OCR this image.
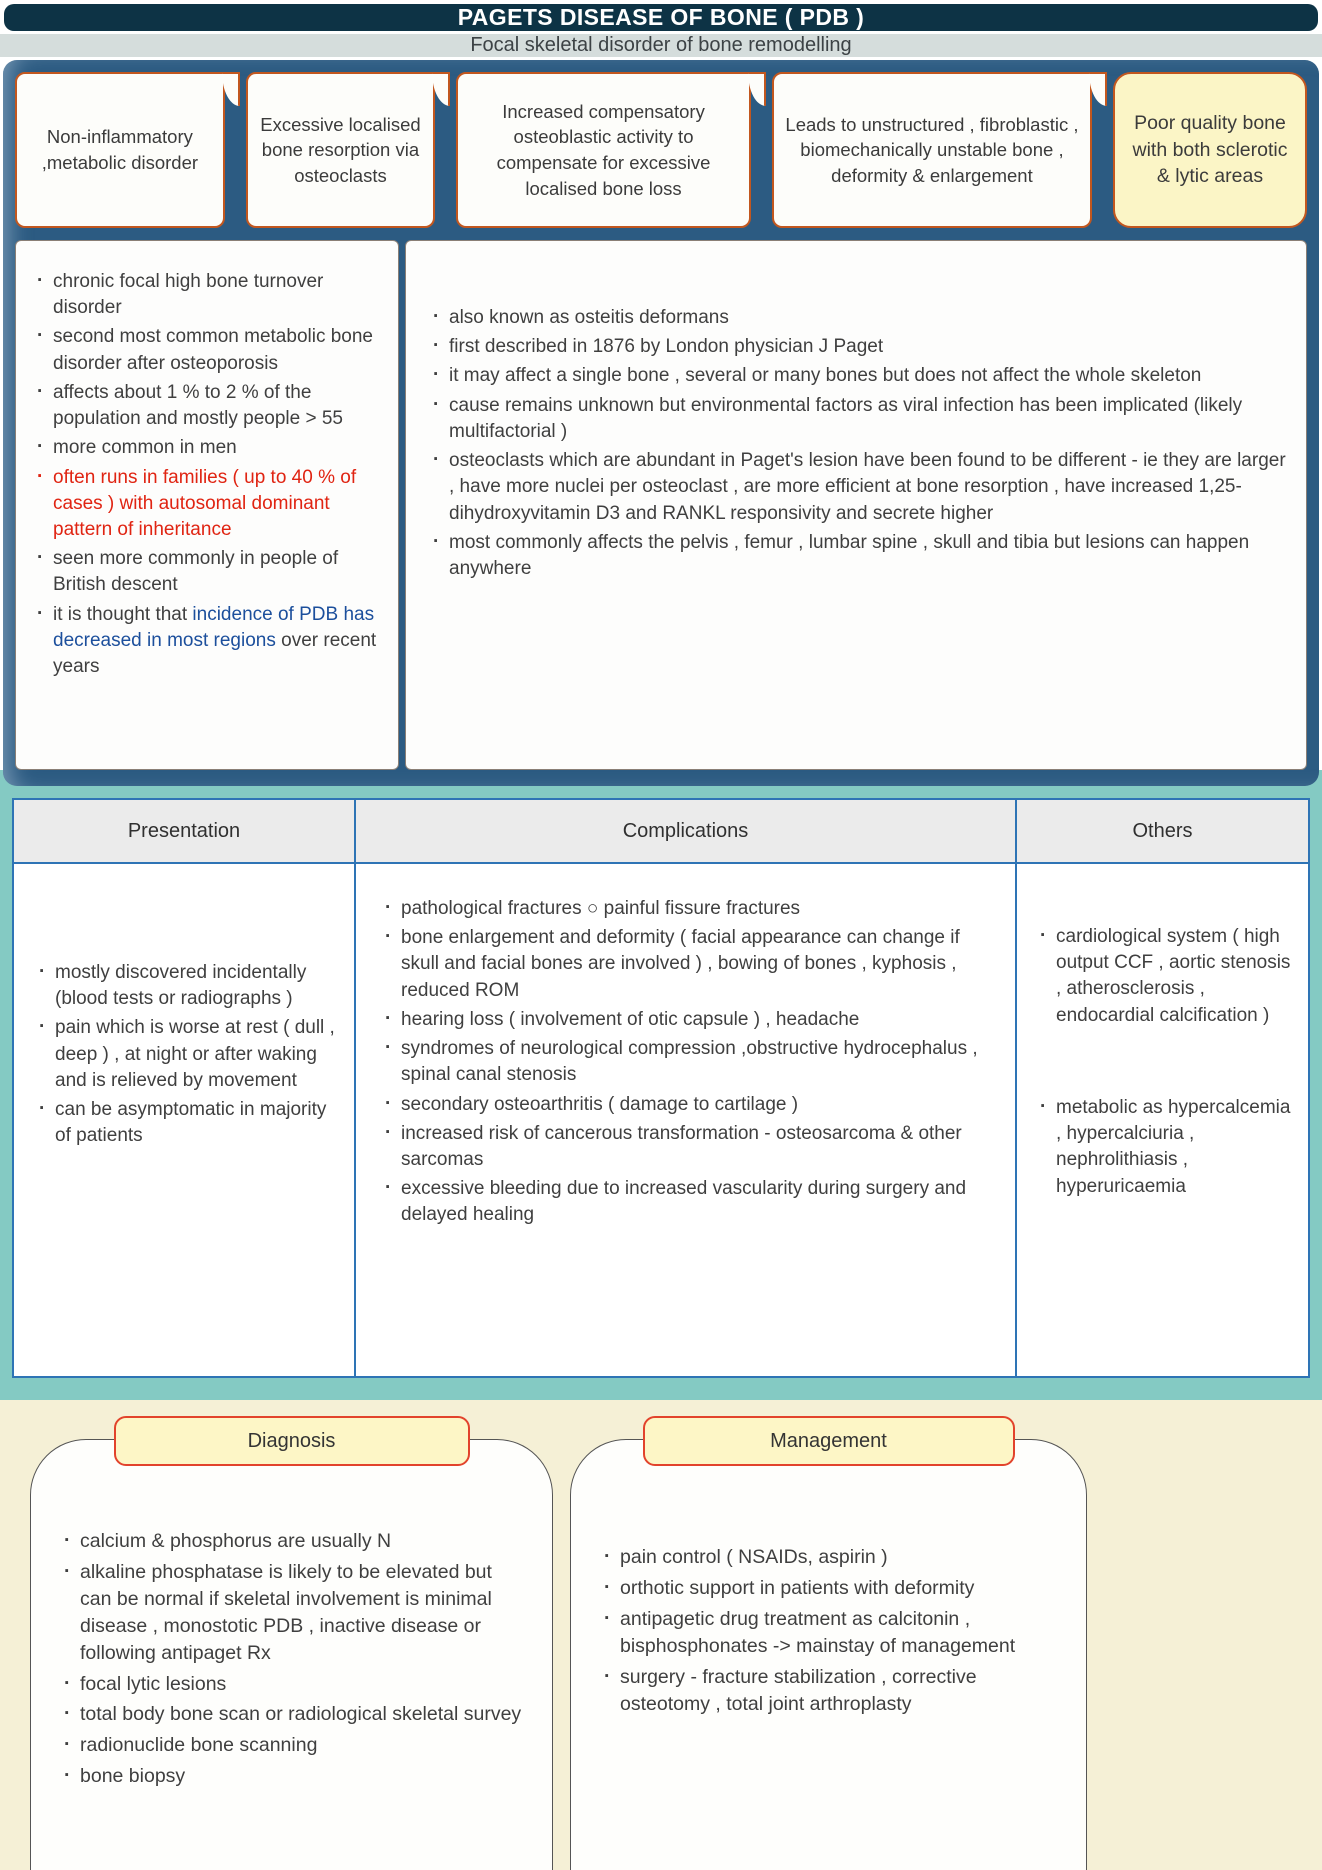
PAGETS DISEASE OF BONE ( PDB )
Focal skeletal disorder of bone remodelling
Non-inflammatory ,metabolic disorder
Excessive localised bone resorption via osteoclasts
Increased compensatory osteoblastic activity to compensate for excessive localised bone loss
Leads to unstructured , fibroblastic , biomechanically unstable bone , deformity & enlargement
Poor quality bone with both sclerotic & lytic areas
· chronic focal high bone turnover disorder
· second most common metabolic bone disorder after osteoporosis
· affects about 1 % to 2 % of the population and mostly people > 55
· more common in men
· often runs in families ( up to 40 % of cases ) with autosomal dominant pattern of inheritance
· seen more commonly in people of British descent
· it is thought that incidence of PDB has decreased in most regions over recent years
· also known as osteitis deformans
· first described in 1876 by London physician J Paget
· it may affect a single bone , several or many bones but does not affect the whole skeleton
· cause remains unknown but environmental factors as viral infection has been implicated (likely multifactorial )
· osteoclasts which are abundant in Paget's lesion have been found to be different - ie they are larger , have more nuclei per osteoclast , are more efficient at bone resorption , have increased 1,25-dihydroxyvitamin D3 and RANKL responsivity and secrete higher
· most commonly affects the pelvis , femur , lumbar spine , skull and tibia but lesions can happen anywhere
Presentation	Complications	Others
· mostly discovered incidentally (blood tests or radiographs )
· pain which is worse at rest ( dull , deep ) , at night or after waking and is relieved by movement
· can be asymptomatic in majority of patients
· pathological fractures ○ painful fissure fractures
· bone enlargement and deformity ( facial appearance can change if skull and facial bones are involved ) , bowing of bones , kyphosis , reduced ROM
· hearing loss ( involvement of otic capsule ) , headache
· syndromes of neurological compression ,obstructive hydrocephalus , spinal canal stenosis
· secondary osteoarthritis ( damage to cartilage )
· increased risk of cancerous transformation - osteosarcoma & other sarcomas
· excessive bleeding due to increased vascularity during surgery and delayed healing
· cardiological system ( high output CCF , aortic stenosis , atherosclerosis , endocardial calcification )
· metabolic as hypercalcemia , hypercalciuria , nephrolithiasis , hyperuricaemia
Diagnosis
· calcium & phosphorus are usually N
· alkaline phosphatase is likely to be elevated but can be normal if skeletal involvement is minimal disease , monostotic PDB , inactive disease or following antipaget Rx
· focal lytic lesions
· total body bone scan or radiological skeletal survey
· radionuclide bone scanning
· bone biopsy
Management
· pain control ( NSAIDs, aspirin )
· orthotic support in patients with deformity
· antipagetic drug treatment as calcitonin , bisphosphonates -> mainstay of management
· surgery - fracture stabilization , corrective osteotomy , total joint arthroplasty
